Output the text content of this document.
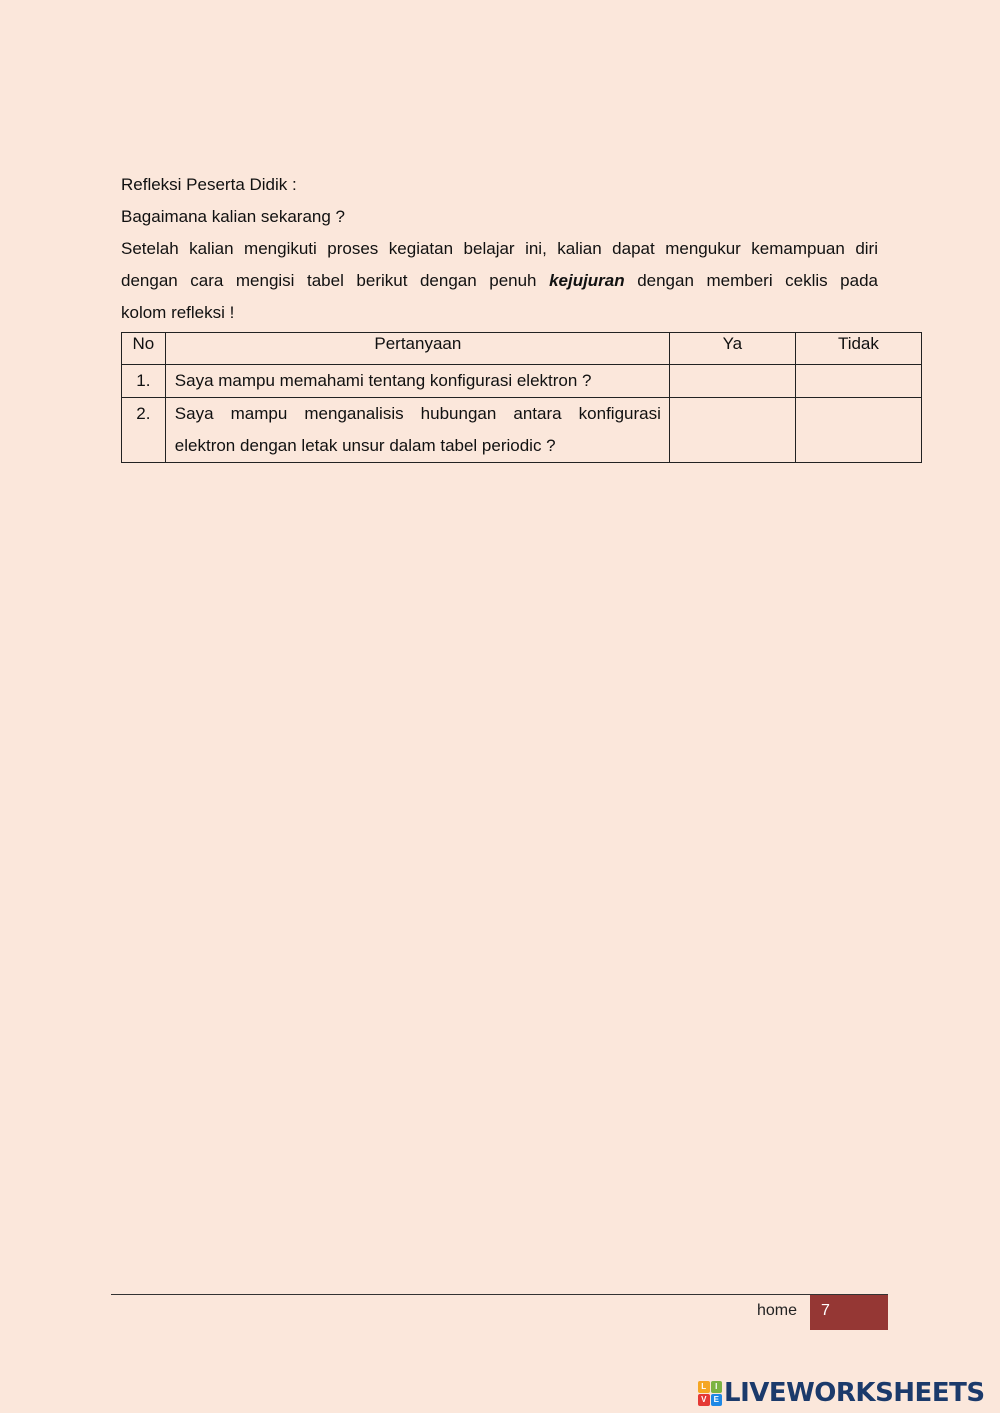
Refleksi Peserta Didik :
Bagaimana kalian sekarang ?
Setelah kalian mengikuti proses kegiatan belajar ini, kalian dapat mengukur kemampuan diri
dengan cara mengisi tabel berikut dengan penuh kejujuran dengan memberi ceklis pada
kolom refleksi !
No	Pertanyaan	Ya	Tidak
1.	Saya mampu memahami tentang konfigurasi elektron ?		
2.	Saya mampu menganalisis hubungan antara konfigurasi elektron dengan letak unsur dalam tabel periodic ?		
home 7
L	I
V E LIVEWORKSHEETS
